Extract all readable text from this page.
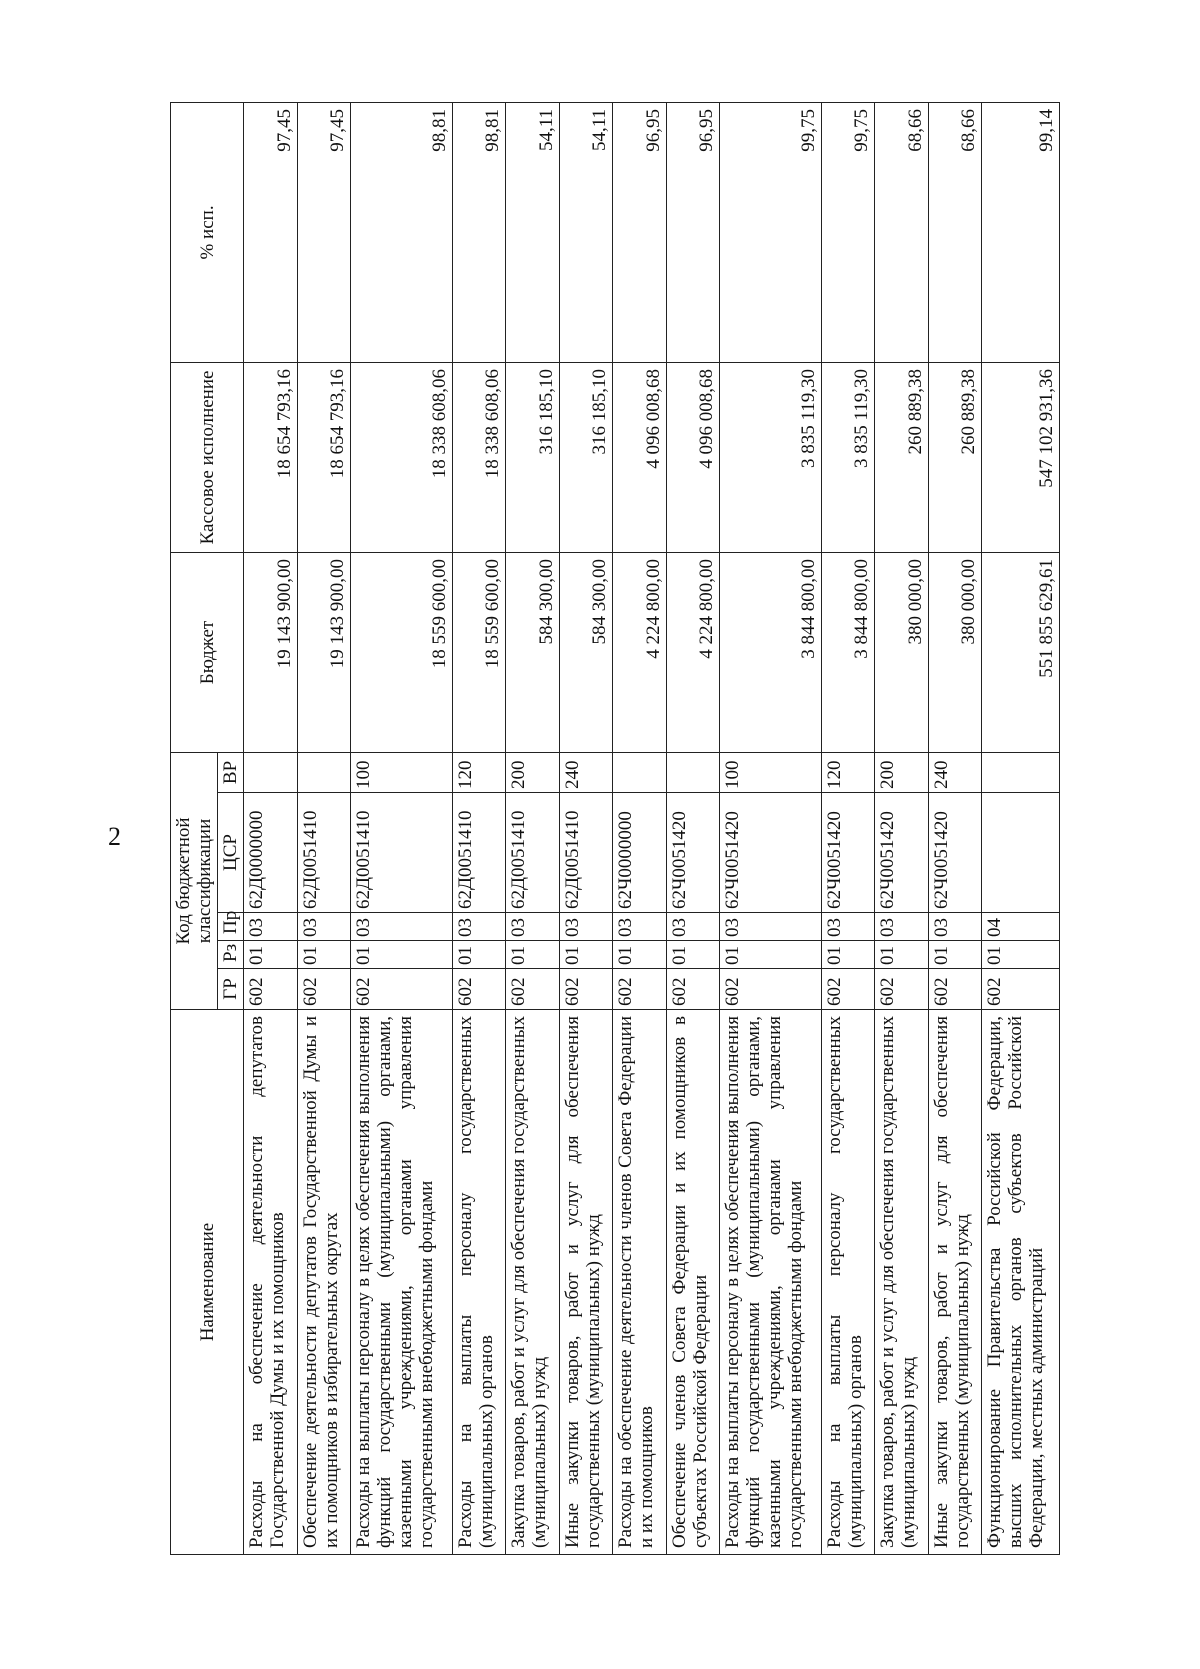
2
Наименование	Код бюджетной классификации					Бюджет	Кассовое исполнение	% исп.
	ГР	Рз	Пр	ЦСР	ВР			
Расходы на обеспечение деятельности депутатов Государственной Думы и их помощников	602	01	03	62Д0000000		19 143 900,00	18 654 793,16	97,45
Обеспечение деятельности депутатов Государственной Думы и их помощников в избирательных округах	602	01	03	62Д0051410		19 143 900,00	18 654 793,16	97,45
Расходы на выплаты персоналу в целях обеспечения выполнения функций государственными (муниципальными) органами, казенными учреждениями, органами управления государственными внебюджетными фондами	602	01	03	62Д0051410	100	18 559 600,00	18 338 608,06	98,81
Расходы на выплаты персоналу государственных (муниципальных) органов	602	01	03	62Д0051410	120	18 559 600,00	18 338 608,06	98,81
Закупка товаров, работ и услуг для обеспечения государственных (муниципальных) нужд	602	01	03	62Д0051410	200	584 300,00	316 185,10	54,11
Иные закупки товаров, работ и услуг для обеспечения государственных (муниципальных) нужд	602	01	03	62Д0051410	240	584 300,00	316 185,10	54,11
Расходы на обеспечение деятельности членов Совета Федерации и их помощников	602	01	03	62Ч0000000		4 224 800,00	4 096 008,68	96,95
Обеспечение членов Совета Федерации и их помощников в субъектах Российской Федерации	602	01	03	62Ч0051420		4 224 800,00	4 096 008,68	96,95
Расходы на выплаты персоналу в целях обеспечения выполнения функций государственными (муниципальными) органами, казенными учреждениями, органами управления государственными внебюджетными фондами	602	01	03	62Ч0051420	100	3 844 800,00	3 835 119,30	99,75
Расходы на выплаты персоналу государственных (муниципальных) органов	602	01	03	62Ч0051420	120	3 844 800,00	3 835 119,30	99,75
Закупка товаров, работ и услуг для обеспечения государственных (муниципальных) нужд	602	01	03	62Ч0051420	200	380 000,00	260 889,38	68,66
Иные закупки товаров, работ и услуг для обеспечения государственных (муниципальных) нужд	602	01	03	62Ч0051420	240	380 000,00	260 889,38	68,66
Функционирование Правительства Российской Федерации, высших исполнительных органов субъектов Российской Федерации, местных администраций	602	01	04			551 855 629,61	547 102 931,36	99,14
